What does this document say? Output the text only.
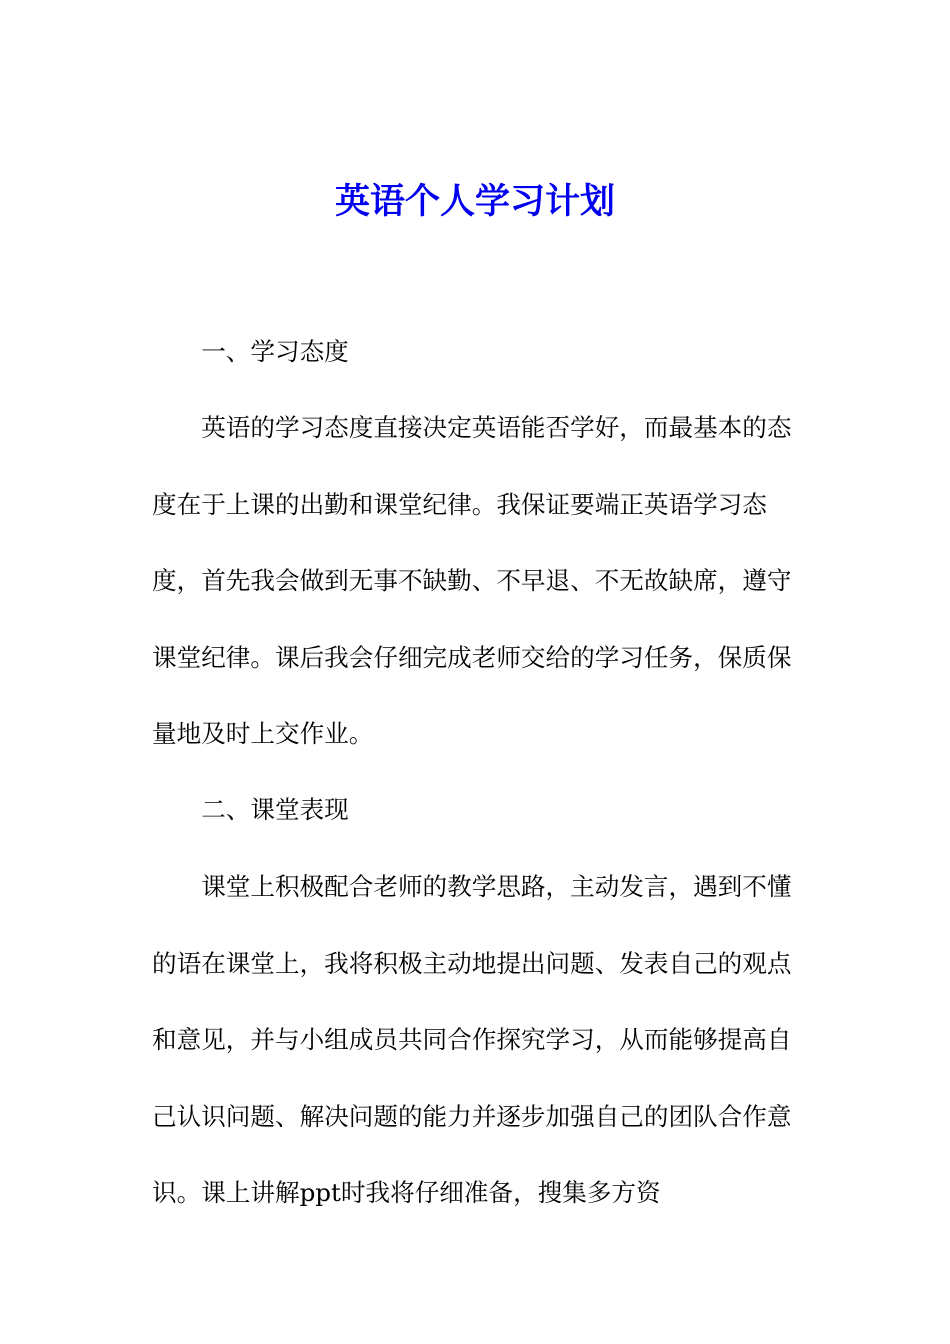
英语个人学习计划

一、学习态度

英语的学习态度直接决定英语能否学好，而最基本的态度在于上课的出勤和课堂纪律。我保证要端正英语学习态度，首先我会做到无事不缺勤、不早退、不无故缺席，遵守课堂纪律。课后我会仔细完成老师交给的学习任务，保质保量地及时上交作业。

二、课堂表现

课堂上积极配合老师的教学思路，主动发言，遇到不懂的语在课堂上，我将积极主动地提出问题、发表自己的观点和意见，并与小组成员共同合作探究学习，从而能够提高自己认识问题、解决问题的能力并逐步加强自己的团队合作意识。课上讲解ppt时我将仔细准备，搜集多方资
